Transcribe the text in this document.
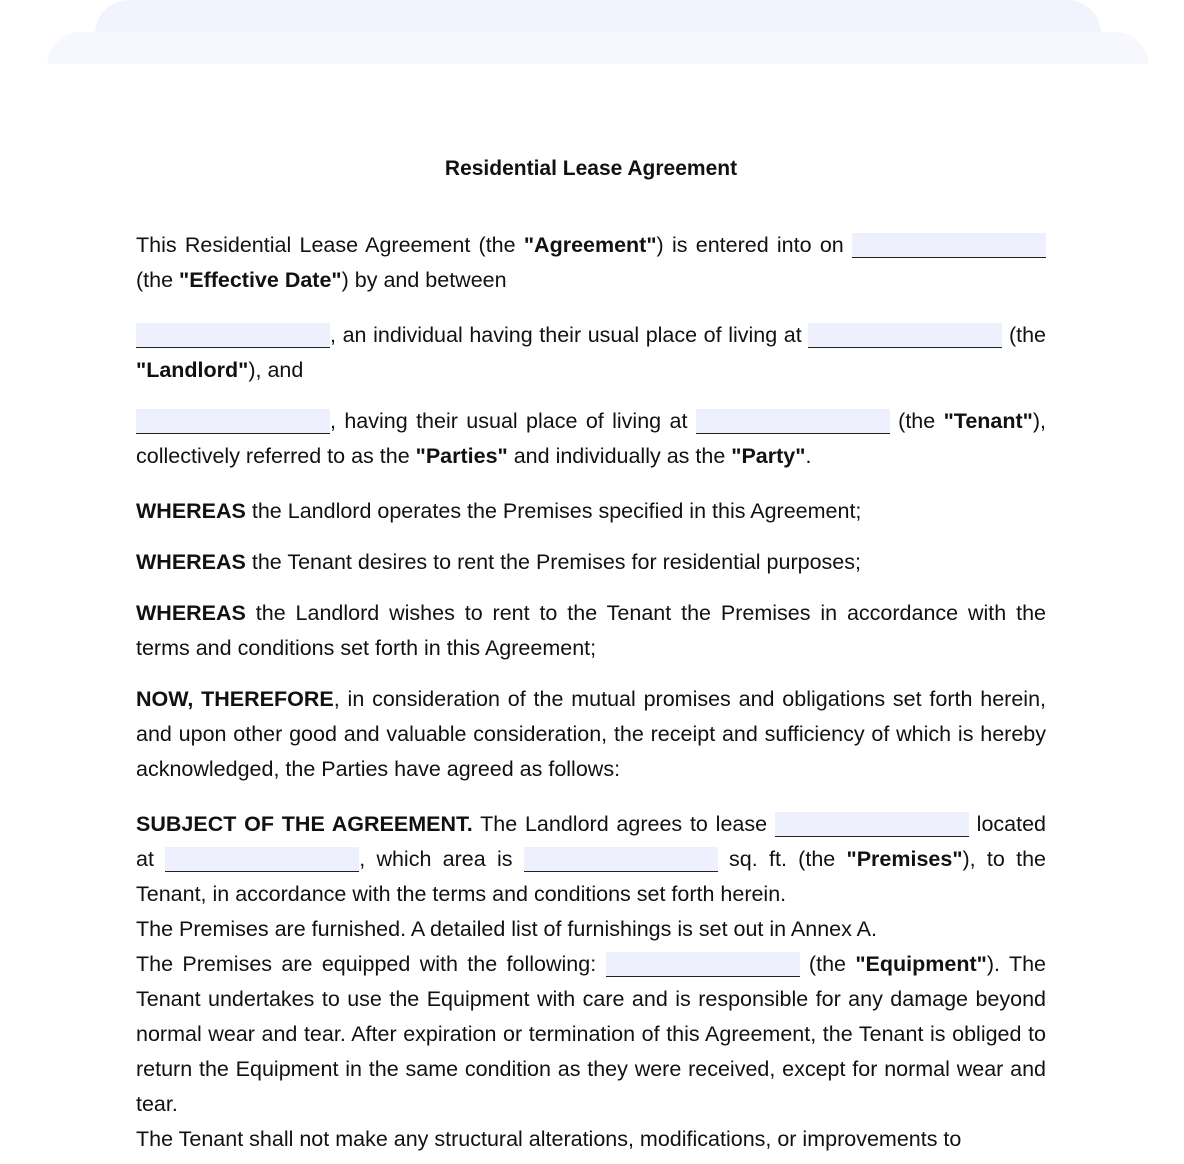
Residential Lease Agreement

This Residential Lease Agreement (the "Agreement") is entered into on  (the "Effective Date") by and between

, an individual having their usual place of living at	(the "Landlord"), and

, having their usual place of living at	(the "Tenant"), collectively referred to as the "Parties" and individually as the "Party".

WHEREAS the Landlord operates the Premises specified in this Agreement;

WHEREAS the Tenant desires to rent the Premises for residential purposes;

WHEREAS the Landlord wishes to rent to the Tenant the Premises in accordance with the terms and conditions set forth in this Agreement;

NOW, THEREFORE, in consideration of the mutual promises and obligations set forth herein, and upon other good and valuable consideration, the receipt and sufficiency of which is hereby acknowledged, the Parties have agreed as follows:

SUBJECT OF THE AGREEMENT. The Landlord agrees to lease	located at	, which area is	sq. ft. (the "Premises"), to the Tenant, in accordance with the terms and conditions set forth herein.

The Premises are furnished. A detailed list of furnishings is set out in Annex A.

The Premises are equipped with the following:	(the "Equipment"). The Tenant undertakes to use the Equipment with care and is responsible for any damage beyond normal wear and tear. After expiration or termination of this Agreement, the Tenant is obliged to return the Equipment in the same condition as they were received, except for normal wear and tear.

The Tenant shall not make any structural alterations, modifications, or improvements to
